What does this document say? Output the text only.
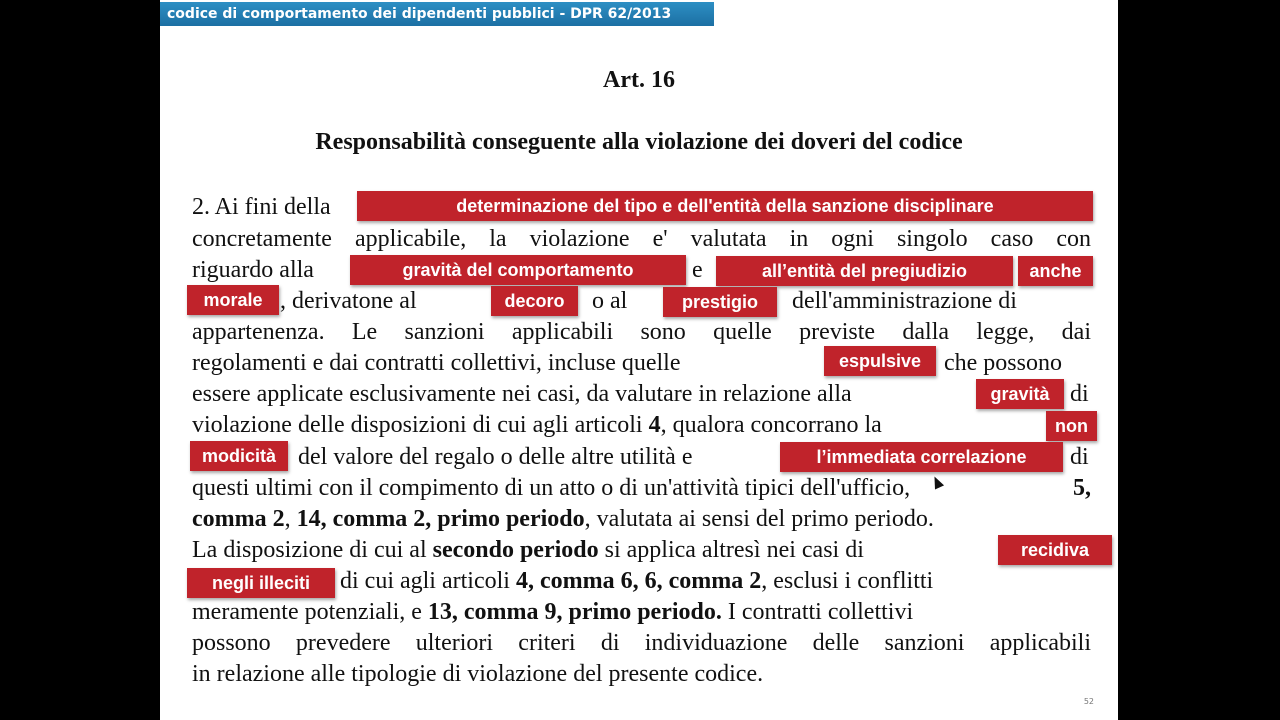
codice di comportamento dei dipendenti pubblici - DPR 62/2013
Art. 16
Responsabilità conseguente alla violazione dei doveri del codice
2. Ai fini della
concretamente applicabile, la violazione e' valutata in ogni singolo caso con
riguardo alla	e
, derivatone al	o al	dell'amministrazione di
appartenenza. Le sanzioni applicabili sono quelle previste dalla legge, dai
regolamenti e dai contratti collettivi, incluse quelle	che possono
essere applicate esclusivamente nei casi, da valutare in relazione alla	di
violazione delle disposizioni di cui agli articoli 4, qualora concorrano la
del valore del regalo o delle altre utilità e	di
questi ultimi con il compimento di un atto o di un'attività tipici dell'ufficio,	5,
comma 2, 14, comma 2, primo periodo, valutata ai sensi del primo periodo.
La disposizione di cui al secondo periodo si applica altresì nei casi di
di cui agli articoli 4, comma 6, 6, comma 2, esclusi i conflitti
meramente potenziali, e 13, comma 9, primo periodo. I contratti collettivi
possono prevedere ulteriori criteri di individuazione delle sanzioni applicabili
in relazione alle tipologie di violazione del presente codice.
determinazione del tipo e dell'entità della sanzione disciplinare
gravità del comportamento	all’entità del pregiudizio	anche
morale	decoro	prestigio
espulsive
gravità
non
modicità	l’immediata correlazione
recidiva
negli illeciti
52
